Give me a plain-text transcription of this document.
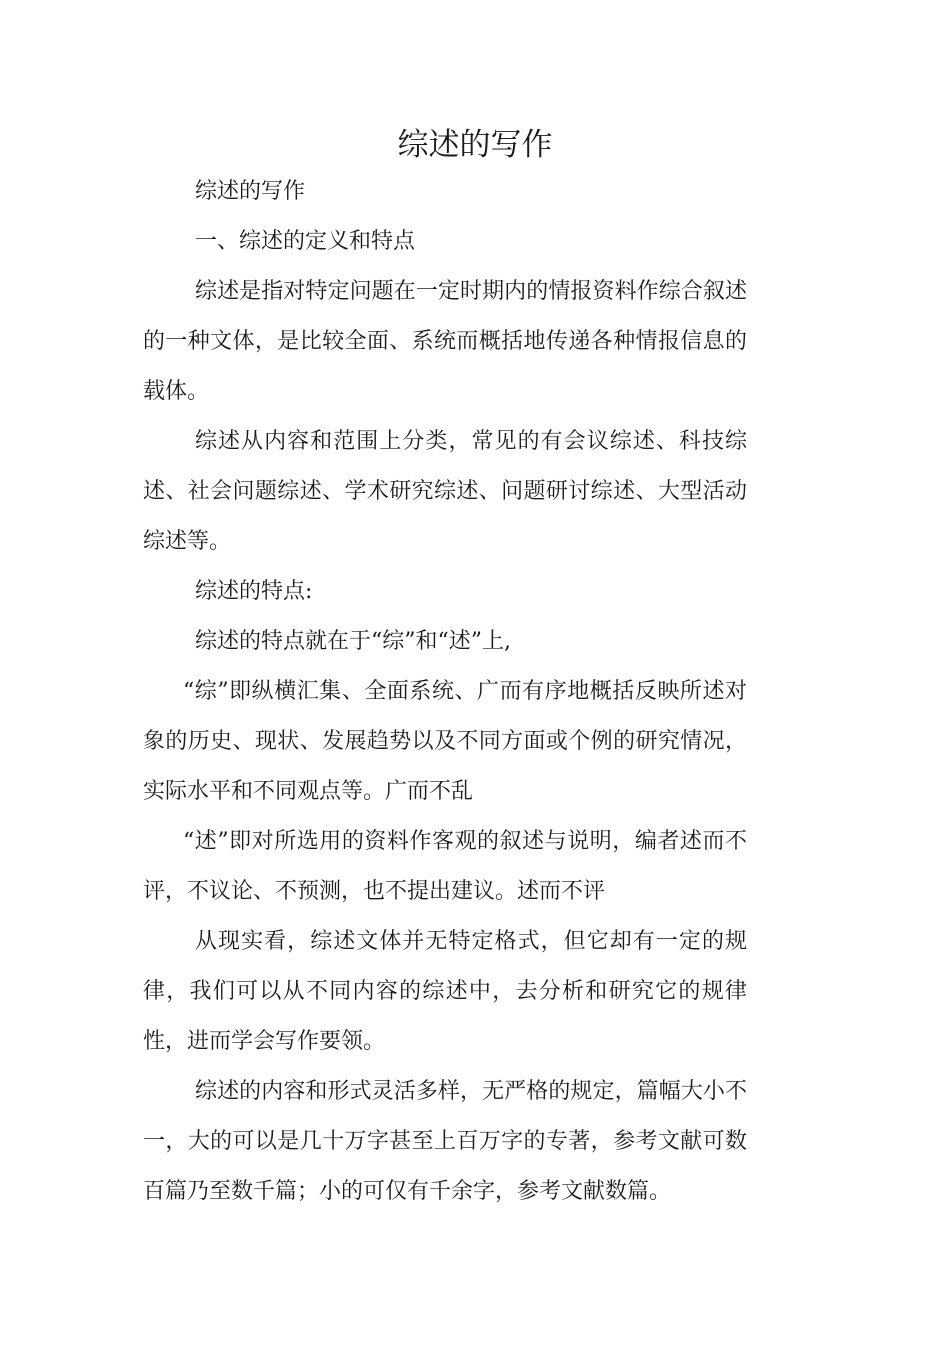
综述的写作

综述的写作

一、综述的定义和特点

综述是指对特定问题在一定时期内的情报资料作综合叙述的一种文体，是比较全面、系统而概括地传递各种情报信息的载体。

综述从内容和范围上分类，常见的有会议综述、科技综述、社会问题综述、学术研究综述、问题研讨综述、大型活动综述等。

综述的特点:

综述的特点就在于“综”和“述”上,

“综”即纵横汇集、全面系统、广而有序地概括反映所述对象的历史、现状、发展趋势以及不同方面或个例的研究情况，实际水平和不同观点等。广而不乱

“述”即对所选用的资料作客观的叙述与说明，编者述而不评，不议论、不预测，也不提出建议。述而不评

从现实看，综述文体并无特定格式，但它却有一定的规律，我们可以从不同内容的综述中，去分析和研究它的规律性，进而学会写作要领。

综述的内容和形式灵活多样，无严格的规定，篇幅大小不一，大的可以是几十万字甚至上百万字的专著，参考文献可数百篇乃至数千篇；小的可仅有千余字，参考文献数篇。
